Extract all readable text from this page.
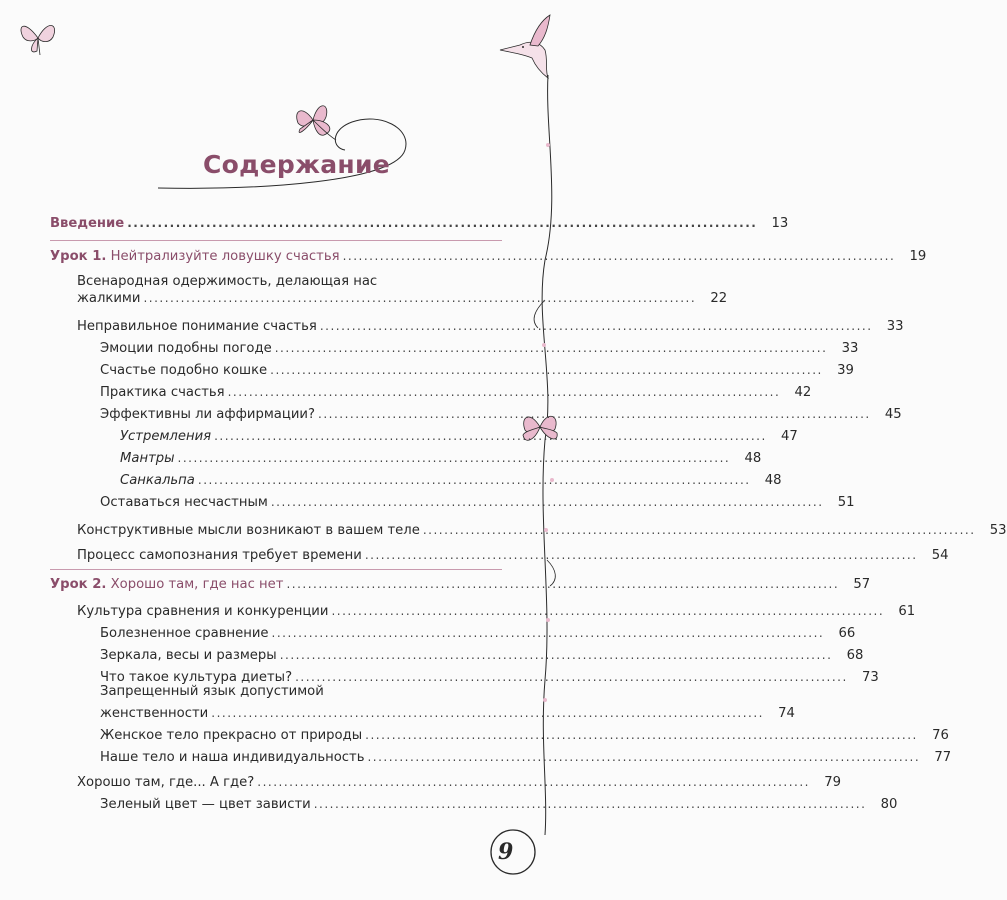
Содержание
Введение ........................................................................................................	13
Урок 1. Нейтрализуйте ловушку счастья ........................................................................................................	19
Всенародная одержимость, делающая нас
жалкими ........................................................................................................	22
Неправильное понимание счастья ........................................................................................................	33
Эмоции подобны погоде ........................................................................................................	33
Счастье подобно кошке ........................................................................................................	39
Практика счастья ........................................................................................................	42
Эффективны ли аффирмации? ........................................................................................................	45
Устремления ........................................................................................................	47
Мантры ........................................................................................................	48
Санкальпа ........................................................................................................	48
Оставаться несчастным ........................................................................................................	51
Конструктивные мысли возникают в вашем теле ........................................................................................................	53
Процесс самопознания требует времени ........................................................................................................	54
Урок 2. Хорошо там, где нас нет ........................................................................................................	57
Культура сравнения и конкуренции ........................................................................................................	61
Болезненное сравнение ........................................................................................................	66
Зеркала, весы и размеры ........................................................................................................	68
Что такое культура диеты? ........................................................................................................	73
Запрещенный язык допустимой
женственности ........................................................................................................	74
Женское тело прекрасно от природы ........................................................................................................	76
Наше тело и наша индивидуальность ........................................................................................................	77
Хорошо там, где... А где? ........................................................................................................	79
Зеленый цвет — цвет зависти ........................................................................................................	80
9
